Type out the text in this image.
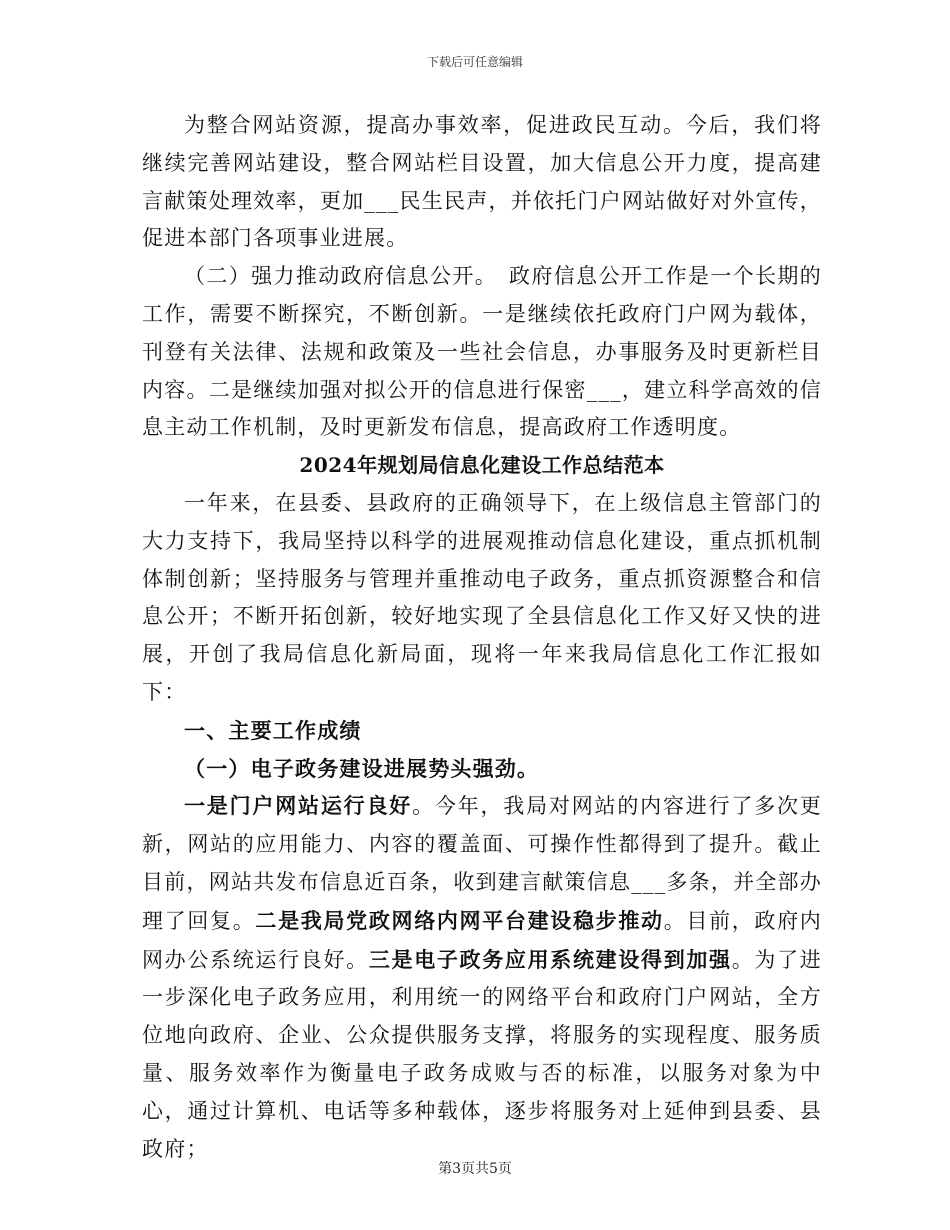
下载后可任意编辑

为整合网站资源，提高办事效率，促进政民互动。今后，我们将继续完善网站建设，整合网站栏目设置，加大信息公开力度，提高建言献策处理效率，更加___民生民声，并依托门户网站做好对外宣传，促进本部门各项事业进展。

（二）强力推动政府信息公开。　政府信息公开工作是一个长期的工作，需要不断探究，不断创新。一是继续依托政府门户网为载体，刊登有关法律、法规和政策及一些社会信息，办事服务及时更新栏目内容。二是继续加强对拟公开的信息进行保密___，建立科学高效的信息主动工作机制，及时更新发布信息，提高政府工作透明度。

2024年规划局信息化建设工作总结范本

一年来，在县委、县政府的正确领导下，在上级信息主管部门的大力支持下，我局坚持以科学的进展观推动信息化建设，重点抓机制体制创新；坚持服务与管理并重推动电子政务，重点抓资源整合和信息公开；不断开拓创新，较好地实现了全县信息化工作又好又快的进展，开创了我局信息化新局面，现将一年来我局信息化工作汇报如下：

一、主要工作成绩

（一）电子政务建设进展势头强劲。

一是门户网站运行良好。今年，我局对网站的内容进行了多次更新，网站的应用能力、内容的覆盖面、可操作性都得到了提升。截止目前，网站共发布信息近百条，收到建言献策信息___多条，并全部办理了回复。二是我局党政网络内网平台建设稳步推动。目前，政府内网办公系统运行良好。三是电子政务应用系统建设得到加强。为了进一步深化电子政务应用，利用统一的网络平台和政府门户网站，全方位地向政府、企业、公众提供服务支撑，将服务的实现程度、服务质量、服务效率作为衡量电子政务成败与否的标准，以服务对象为中心，通过计算机、电话等多种载体，逐步将服务对上延伸到县委、县政府；

第3页共5页
